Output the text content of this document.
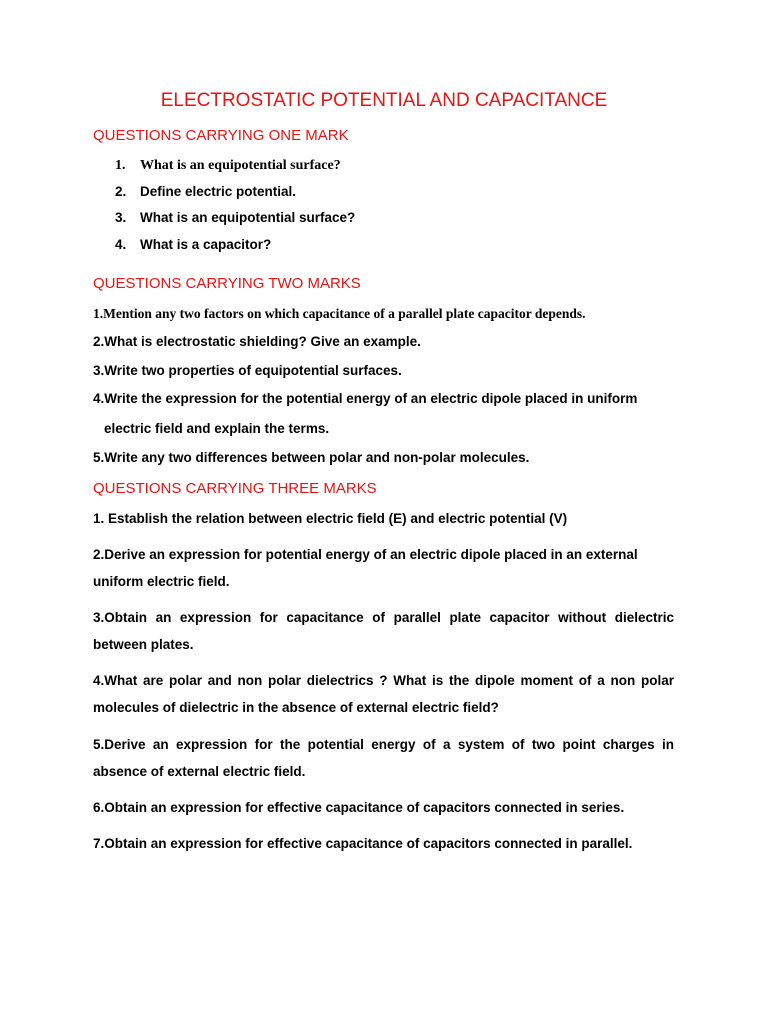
ELECTROSTATIC POTENTIAL AND CAPACITANCE
QUESTIONS CARRYING ONE MARK
1. What is an equipotential surface?
2. Define electric potential.
3. What is an equipotential surface?
4. What is a capacitor?
QUESTIONS CARRYING TWO MARKS
1.Mention any two factors on which capacitance of a parallel plate capacitor depends.
2.What is electrostatic shielding? Give an example.
3.Write two properties of equipotential surfaces.
4.Write the expression for the potential energy of an electric dipole placed in uniform
electric field and explain the terms.
5.Write any two differences between polar and non-polar molecules.
QUESTIONS CARRYING THREE MARKS
1. Establish the relation between electric field (E) and electric potential (V)
2.Derive an expression for potential energy of an electric dipole placed in an external
uniform electric field.
3.Obtain an expression for capacitance of parallel plate capacitor without dielectric
between plates.
4.What are polar and non polar dielectrics ? What is the dipole moment of a non polar
molecules of dielectric in the absence of external electric field?
5.Derive an expression for the potential energy of a system of two point charges in
absence of external electric field.
6.Obtain an expression for effective capacitance of capacitors connected in series.
7.Obtain an expression for effective capacitance of capacitors connected in parallel.
